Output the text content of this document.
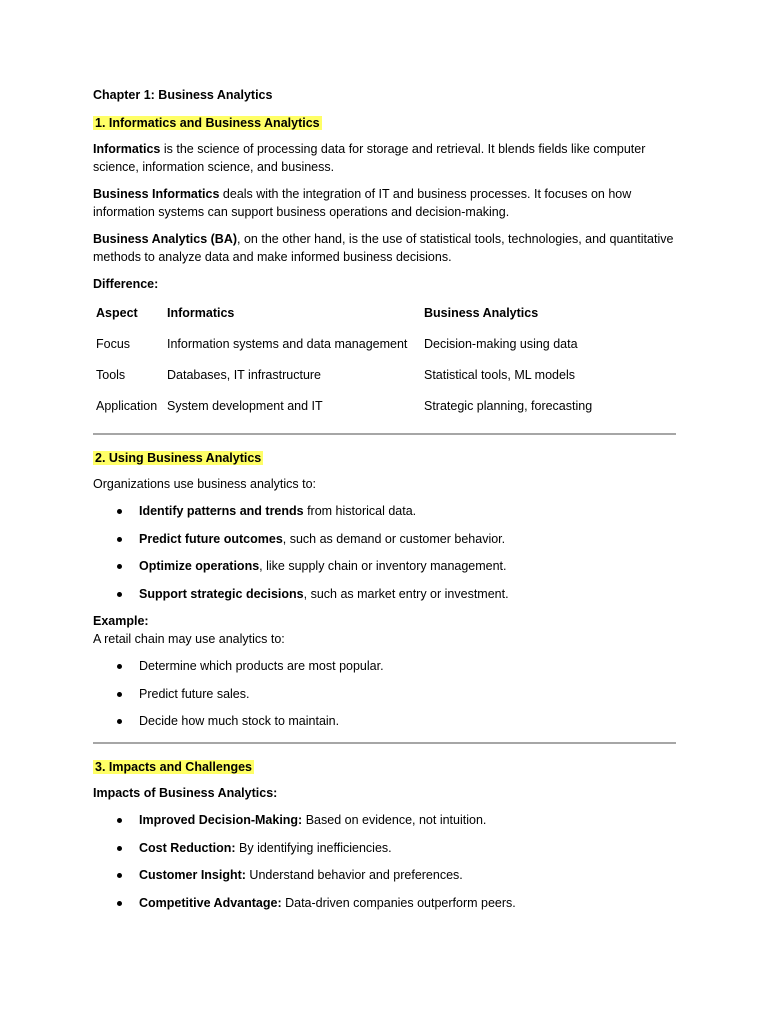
Chapter 1: Business Analytics

1. Informatics and Business Analytics

Informatics is the science of processing data for storage and retrieval. It blends fields like computer science, information science, and business.

Business Informatics deals with the integration of IT and business processes. It focuses on how information systems can support business operations and decision-making.

Business Analytics (BA), on the other hand, is the use of statistical tools, technologies, and quantitative methods to analyze data and make informed business decisions.

Difference:

Aspect	Informatics	Business Analytics
Focus	Information systems and data management	Decision-making using data
Tools	Databases, IT infrastructure	Statistical tools, ML models
Application	System development and IT	Strategic planning, forecasting

2. Using Business Analytics

Organizations use business analytics to:

Identify patterns and trends from historical data.
Predict future outcomes, such as demand or customer behavior.
Optimize operations, like supply chain or inventory management.
Support strategic decisions, such as market entry or investment.

Example:

A retail chain may use analytics to:

Determine which products are most popular.
Predict future sales.
Decide how much stock to maintain.

3. Impacts and Challenges

Impacts of Business Analytics:

Improved Decision-Making: Based on evidence, not intuition.
Cost Reduction: By identifying inefficiencies.
Customer Insight: Understand behavior and preferences.
Competitive Advantage: Data-driven companies outperform peers.
